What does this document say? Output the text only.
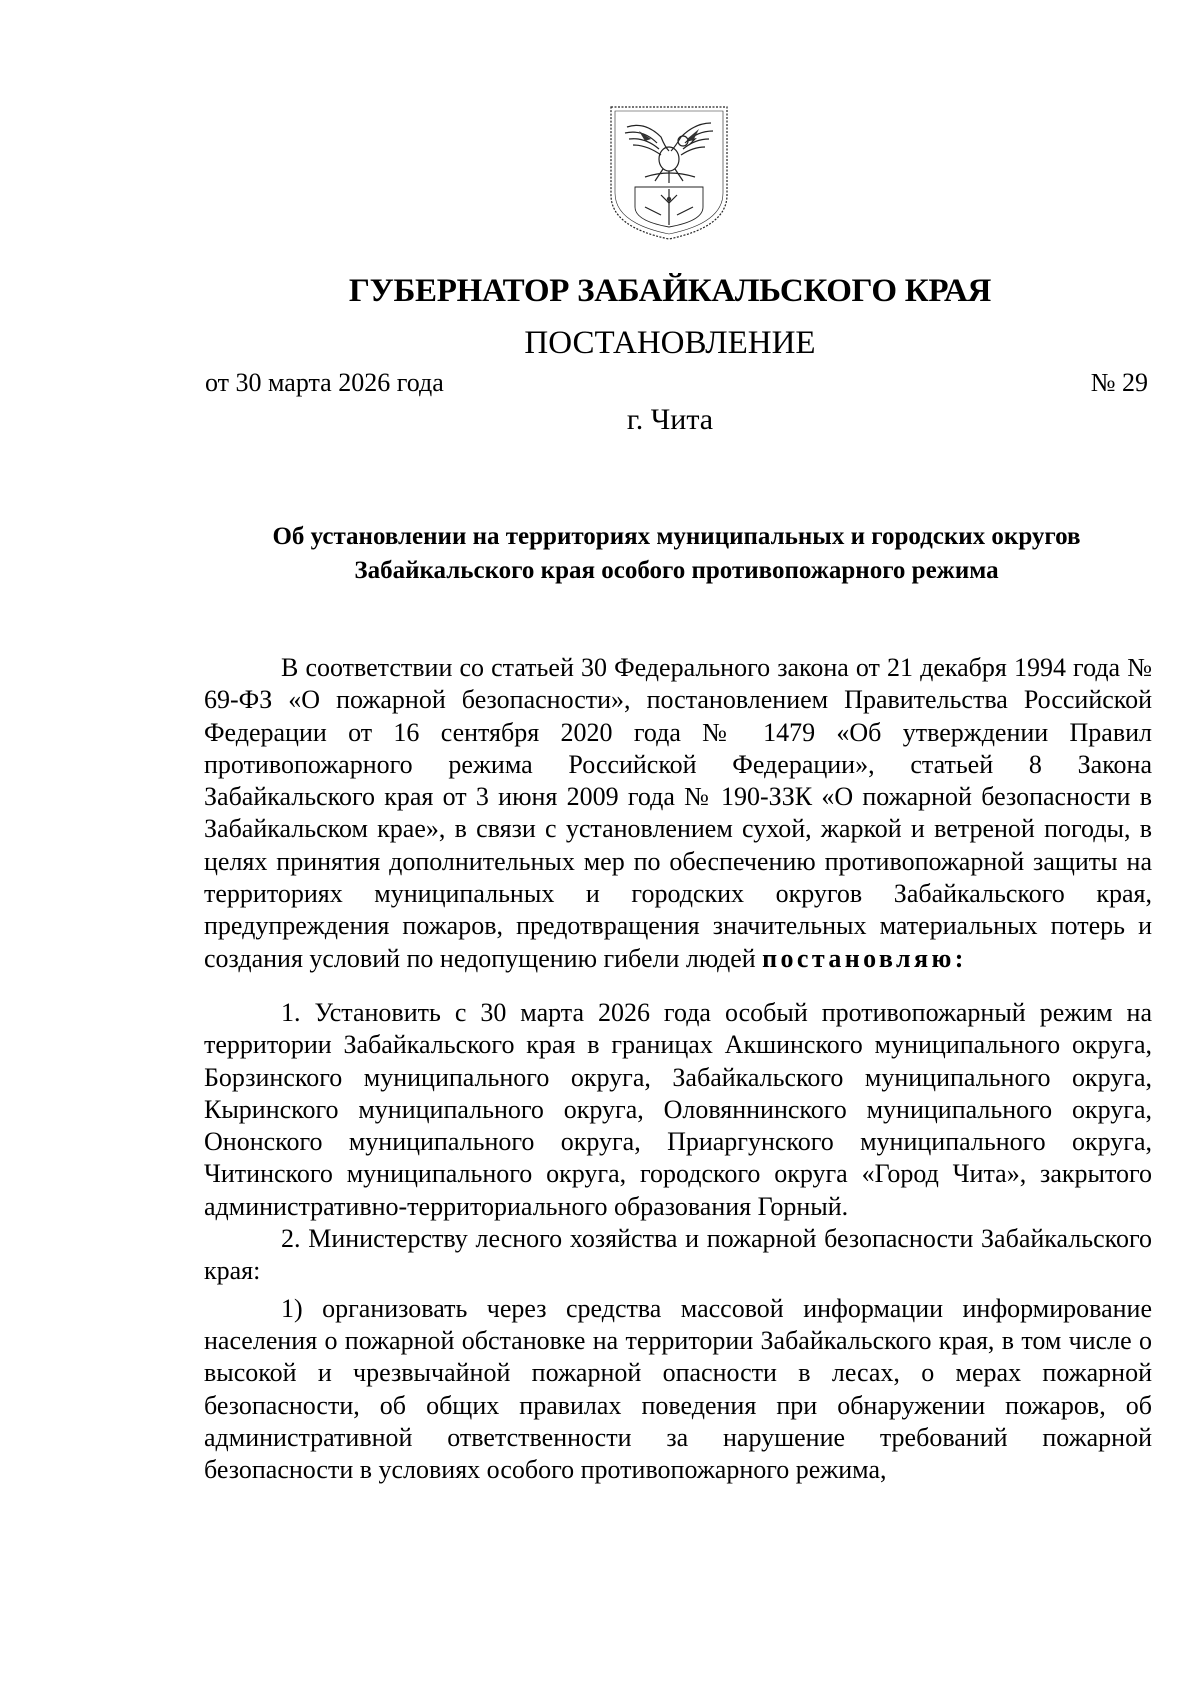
ГУБЕРНАТОР ЗАБАЙКАЛЬСКОГО КРАЯ
ПОСТАНОВЛЕНИЕ
от 30 марта 2026 года	№ 29
г. Чита
Об установлении на территориях муниципальных и городских округов
Забайкальского края особого противопожарного режима

В соответствии со статьей 30 Федерального закона от 21 декабря 1994 года № 69-ФЗ «О пожарной безопасности», постановлением Правительства Российской Федерации от 16 сентября 2020 года № 1479 «Об утверждении Правил противопожарного режима Российской Федерации», статьей 8 Закона Забайкальского края от 3 июня 2009 года № 190-ЗЗК «О пожарной безопасности в Забайкальском крае», в связи с установлением сухой, жаркой и ветреной погоды, в целях принятия дополнительных мер по обеспечению противопожарной защиты на территориях муниципальных и городских округов Забайкальского края, предупреждения пожаров, предотвращения значительных материальных потерь и создания условий по недопущению гибели людей постановляю:

1. Установить с 30 марта 2026 года особый противопожарный режим на территории Забайкальского края в границах Акшинского муниципального округа, Борзинского муниципального округа, Забайкальского муниципального округа, Кыринского муниципального округа, Оловяннинского муниципального округа, Ононского муниципального округа, Приаргунского муниципального округа, Читинского муниципального округа, городского округа «Город Чита», закрытого административно-территориального образования Горный.

2. Министерству лесного хозяйства и пожарной безопасности Забайкальского края:

1) организовать через средства массовой информации информирование населения о пожарной обстановке на территории Забайкальского края, в том числе о высокой и чрезвычайной пожарной опасности в лесах, о мерах пожарной безопасности, об общих правилах поведения при обнаружении пожаров, об административной ответственности за нарушение требований пожарной безопасности в условиях особого противопожарного режима,
